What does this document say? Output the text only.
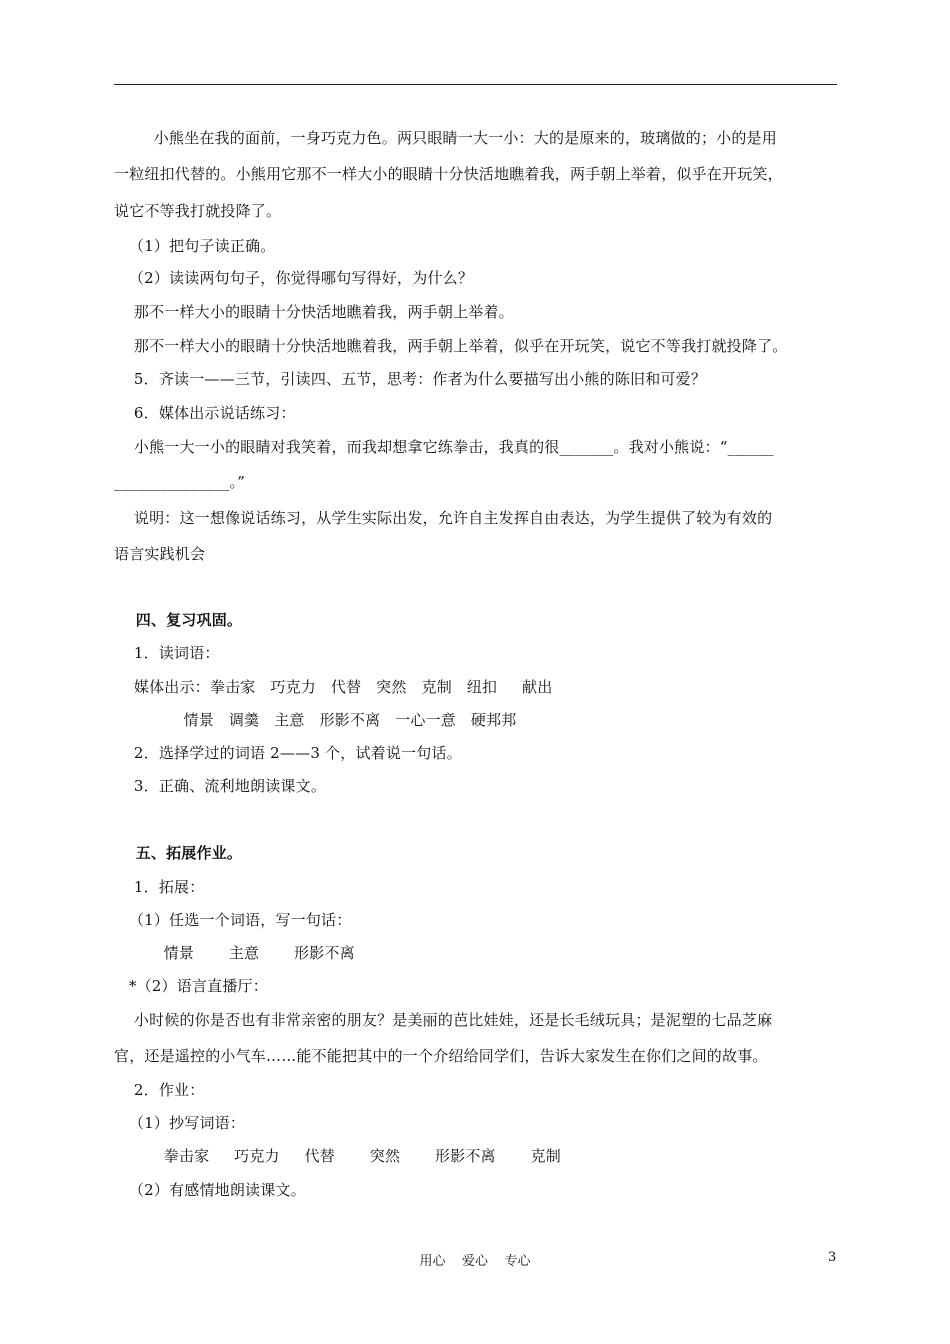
小熊坐在我的面前，一身巧克力色。两只眼睛一大一小：大的是原来的，玻璃做的；小的是用
一粒纽扣代替的。小熊用它那不一样大小的眼睛十分快活地瞧着我，两手朝上举着，似乎在开玩笑，
说它不等我打就投降了。
（1）把句子读正确。
（2）读读两句句子，你觉得哪句写得好，为什么？
那不一样大小的眼睛十分快活地瞧着我，两手朝上举着。
那不一样大小的眼睛十分快活地瞧着我，两手朝上举着，似乎在开玩笑，说它不等我打就投降了。
5．齐读一——三节，引读四、五节，思考：作者为什么要描写出小熊的陈旧和可爱？
6．媒体出示说话练习：
小熊一大一小的眼睛对我笑着，而我却想拿它练拳击，我真的很_______。我对小熊说：“______
_______________。”
说明：这一想像说话练习，从学生实际出发，允许自主发挥自由表达，为学生提供了较为有效的
语言实践机会
四、复习巩固。
1．读词语：
媒体出示：拳击家   巧克力   代替   突然   克制   纽扣     献出
情景   调羹   主意   形影不离   一心一意   硬邦邦
2．选择学过的词语 2——3 个，试着说一句话。
3．正确、流利地朗读课文。
五、拓展作业。
1．拓展：
（1）任选一个词语，写一句话：
情景       主意       形影不离
*（2）语言直播厅：
小时候的你是否也有非常亲密的朋友？是美丽的芭比娃娃，还是长毛绒玩具；是泥塑的七品芝麻
官，还是遥控的小气车……能不能把其中的一个介绍给同学们，告诉大家发生在你们之间的故事。
2．作业：
（1）抄写词语：
拳击家     巧克力     代替       突然       形影不离       克制
（2）有感情地朗读课文。
用心    爱心    专心	3
